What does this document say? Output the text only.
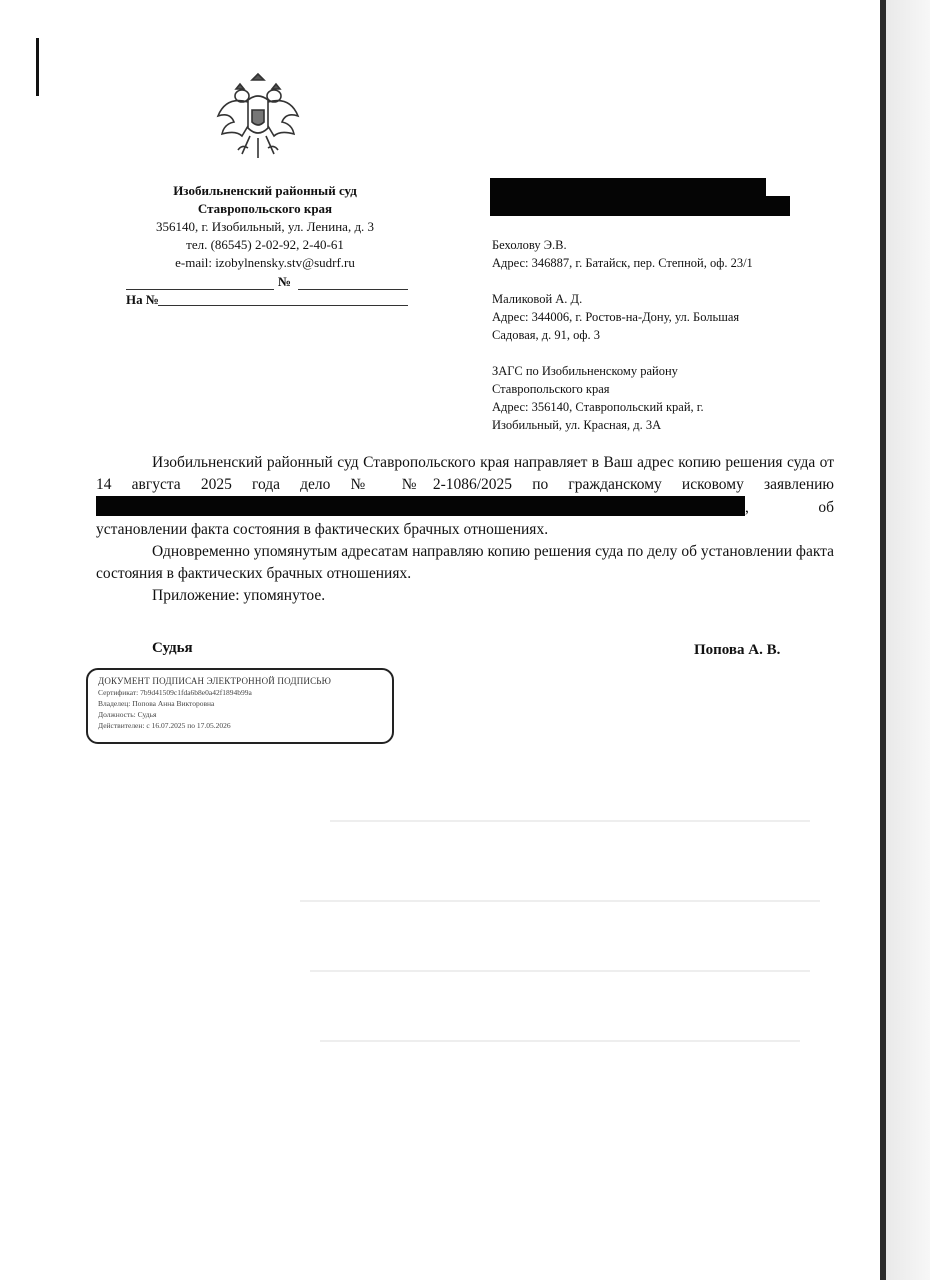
Изобильненский районный суд
Ставропольского края
356140, г. Изобильный, ул. Ленина, д. 3
тел. (86545) 2-02-92, 2-40-61
e-mail: izobylnensky.stv@sudrf.ru
№
На №

Бехолову Э.В.
Адрес: 346887, г. Батайск, пер. Степной, оф. 23/1

Маликовой А. Д.
Адрес: 344006, г. Ростов-на-Дону, ул. Большая
Садовая, д. 91, оф. 3

ЗАГС по Изобильненскому району
Ставропольского края
Адрес: 356140, Ставропольский край, г.
Изобильный, ул. Красная, д. 3А

Изобильненский районный суд Ставропольского края направляет в Ваш адрес копию решения суда от 14 августа 2025 года дело № №2-1086/2025 по гражданскому исковому заявлению , об установлении факта состояния в фактических брачных отношениях.

Одновременно упомянутым адресатам направляю копию решения суда по делу об установлении факта состояния в фактических брачных отношениях.

Приложение: упомянутое.

Судья	Попова А. В.
ДОКУМЕНТ ПОДПИСАН ЭЛЕКТРОННОЙ ПОДПИСЬЮ
Сертификат: 7b9d41509c1fda6b8e0a42f1894b99a
Владелец: Попова Анна Викторовна
Должность: Судья
Действителен: с 16.07.2025 по 17.05.2026
